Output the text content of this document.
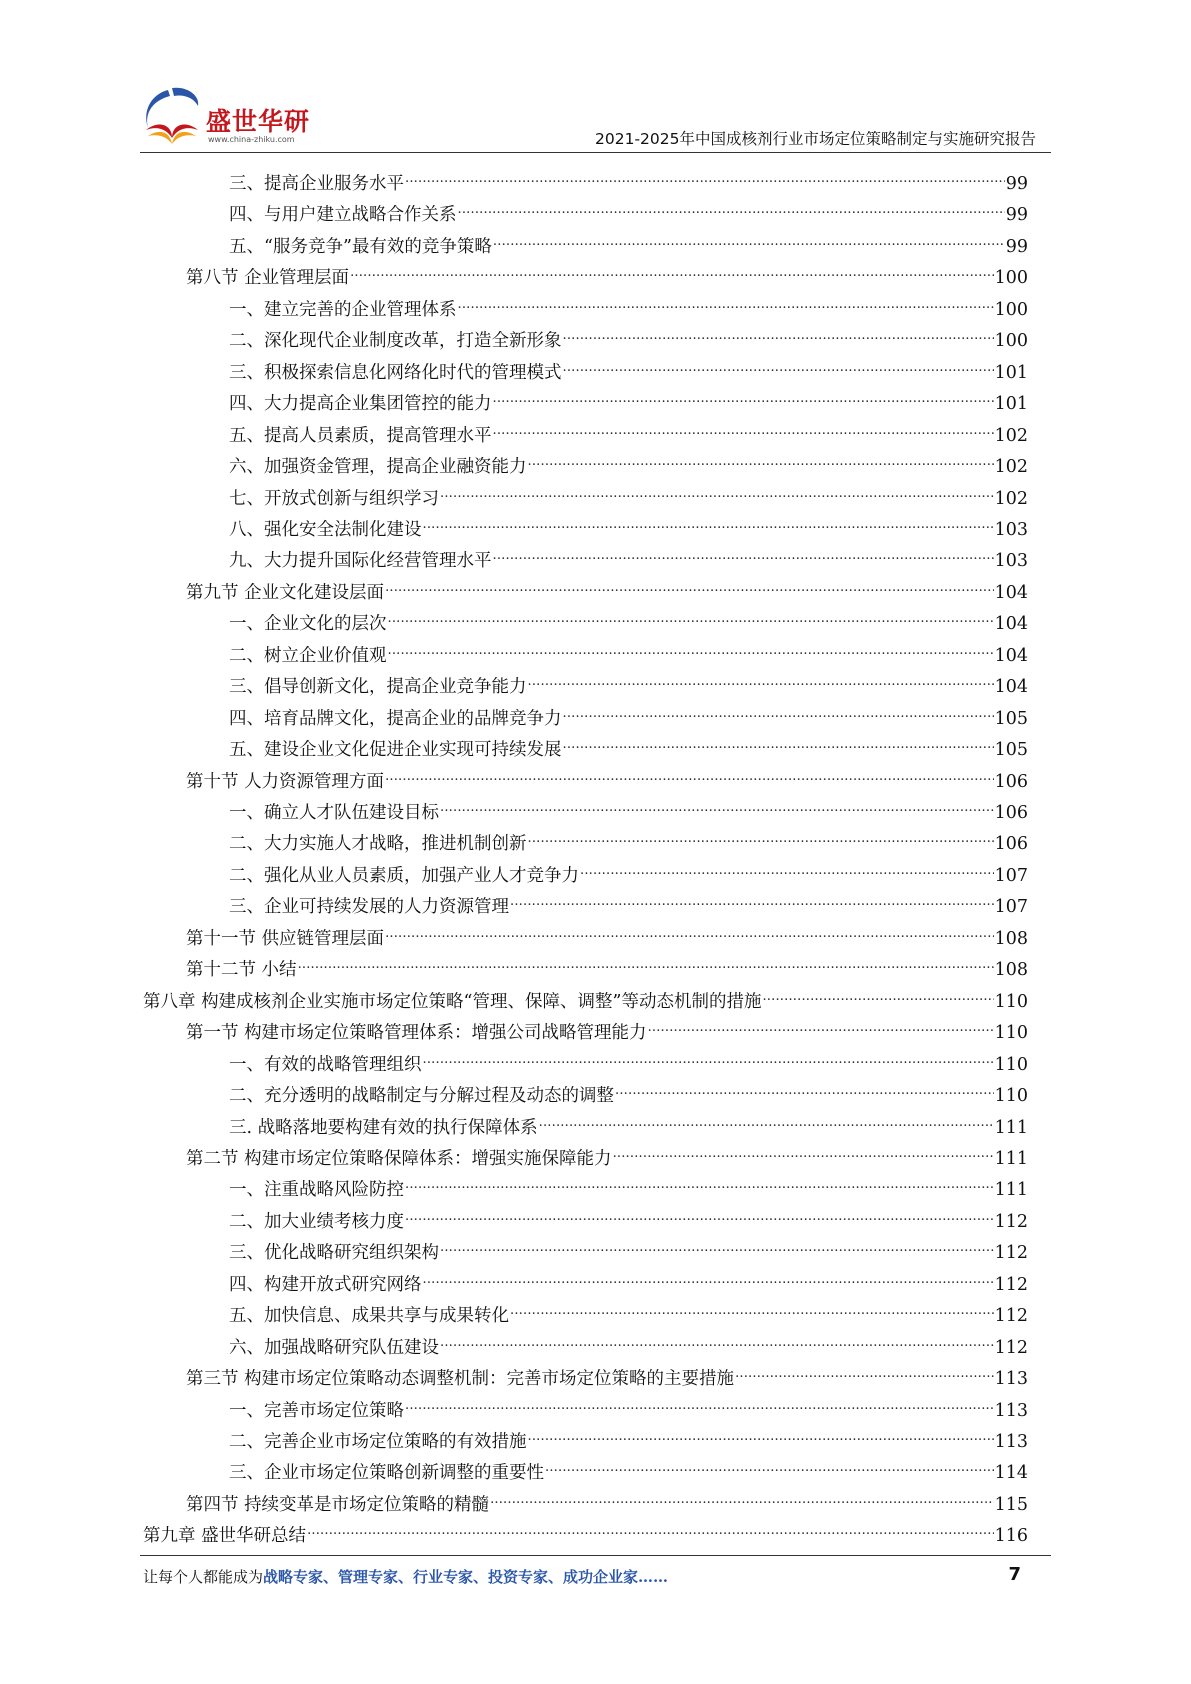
盛世华研
www.china-zhiku.com	2021-2025年中国成核剂行业市场定位策略制定与实施研究报告
三、提高企业服务水平 .....	99
四、与用户建立战略合作关系 .....	99
五、“服务竞争”最有效的竞争策略 .....	99
第八节 企业管理层面 .....	100
一、建立完善的企业管理体系 .....	100
二、深化现代企业制度改革，打造全新形象 .....	100
三、积极探索信息化网络化时代的管理模式 .....	101
四、大力提高企业集团管控的能力 .....	101
五、提高人员素质，提高管理水平 .....	102
六、加强资金管理，提高企业融资能力 .....	102
七、开放式创新与组织学习 .....	102
八、强化安全法制化建设 .....	103
九、大力提升国际化经营管理水平 .....	103
第九节 企业文化建设层面 .....	104
一、企业文化的层次 .....	104
二、树立企业价值观 .....	104
三、倡导创新文化，提高企业竞争能力 .....	104
四、培育品牌文化，提高企业的品牌竞争力 .....	105
五、建设企业文化促进企业实现可持续发展 .....	105
第十节 人力资源管理方面 .....	106
一、确立人才队伍建设目标 .....	106
二、大力实施人才战略，推进机制创新 .....	106
二、强化从业人员素质，加强产业人才竞争力 .....	107
三、企业可持续发展的人力资源管理 .....	107
第十一节 供应链管理层面 .....	108
第十二节 小结 .....	108
第八章 构建成核剂企业实施市场定位策略“管理、保障、调整”等动态机制的措施 .....	110
第一节 构建市场定位策略管理体系：增强公司战略管理能力 .....	110
一、有效的战略管理组织 .....	110
二、充分透明的战略制定与分解过程及动态的调整 .....	110
三. 战略落地要构建有效的执行保障体系 .....	111
第二节 构建市场定位策略保障体系：增强实施保障能力 .....	111
一、注重战略风险防控 .....	111
二、加大业绩考核力度 .....	112
三、优化战略研究组织架构 .....	112
四、构建开放式研究网络 .....	112
五、加快信息、成果共享与成果转化 .....	112
六、加强战略研究队伍建设 .....	112
第三节 构建市场定位策略动态调整机制：完善市场定位策略的主要措施 .....	113
一、完善市场定位策略 .....	113
二、完善企业市场定位策略的有效措施 .....	113
三、企业市场定位策略创新调整的重要性 .....	114
第四节 持续变革是市场定位策略的精髓 .....	115
第九章 盛世华研总结 .....	116
让每个人都能成为战略专家、管理专家、行业专家、投资专家、成功企业家……	7
